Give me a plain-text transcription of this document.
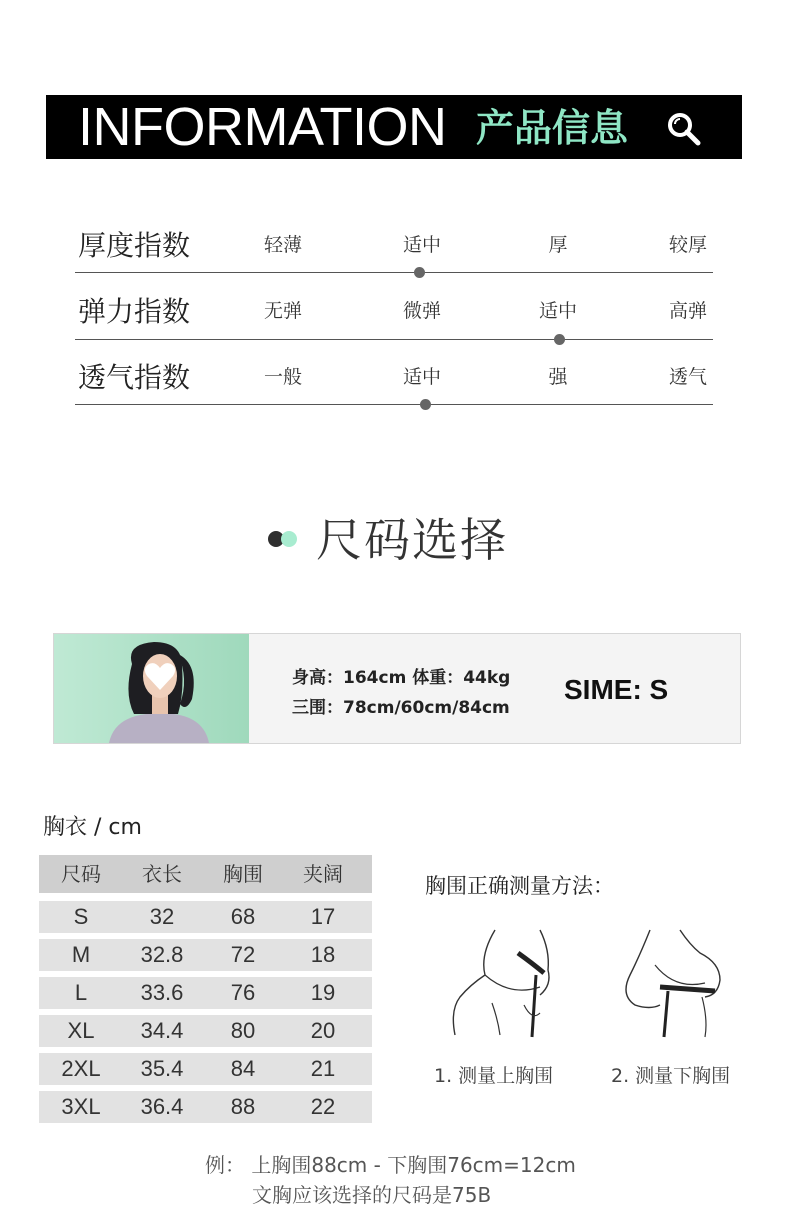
INFORMATION 产品信息
厚度指数	轻薄	适中	厚	较厚
弹力指数	无弹	微弹	适中	高弹
透气指数	一般	适中	强	透气
尺码选择
身高：164cm 体重：44kg
三围：78cm/60cm/84cm
SIME: S
胸衣 / cm
尺码	衣长	胸围	夹阔
S	32	68	17
M	32.8	72	18
L	33.6	76	19
XL	34.4	80	20
2XL	35.4	84	21
3XL	36.4	88	22
胸围正确测量方法：
1. 测量上胸围	2. 测量下胸围
例： 上胸围88cm - 下胸围76cm=12cm
文胸应该选择的尺码是75B
